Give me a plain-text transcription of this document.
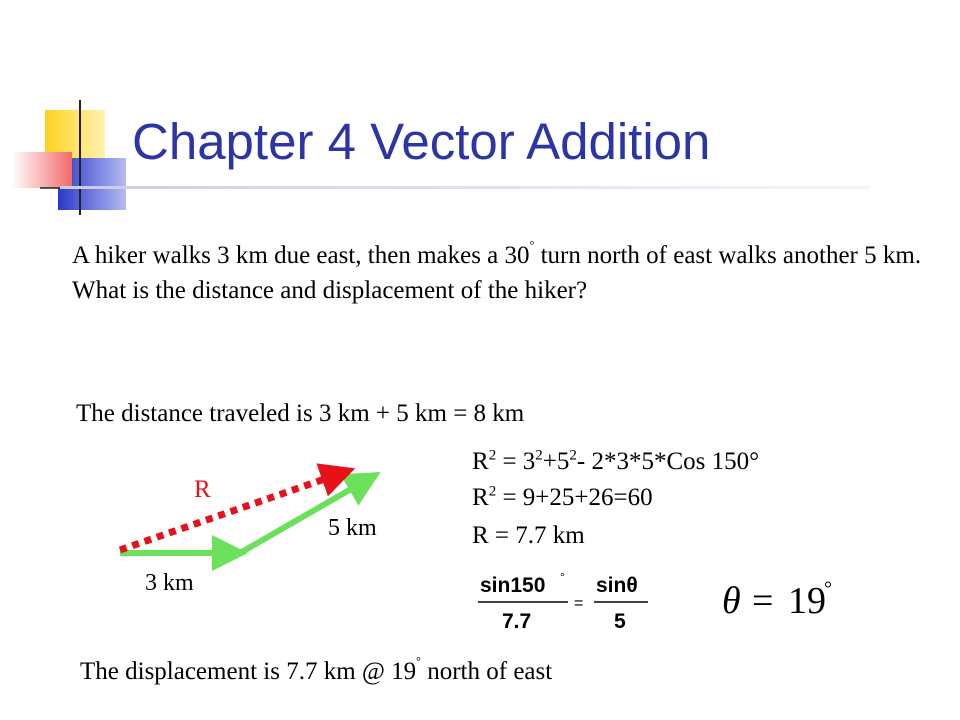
Chapter 4 Vector Addition
A hiker walks 3 km due east, then makes a 30° turn north of east walks another 5 km. What is the distance and displacement of the hiker?
The distance traveled is 3 km + 5 km = 8 km
R
5 km
3 km
$R^2 = 3^2+5^2-$ 2*3*5*Cos 150°
$R^2 = 9+25+26=60$
R = 7.7 km
sin150 °
7.7
=
sinθ
5	θ = 19
°
The displacement is 7.7 km @ 19° north of east
